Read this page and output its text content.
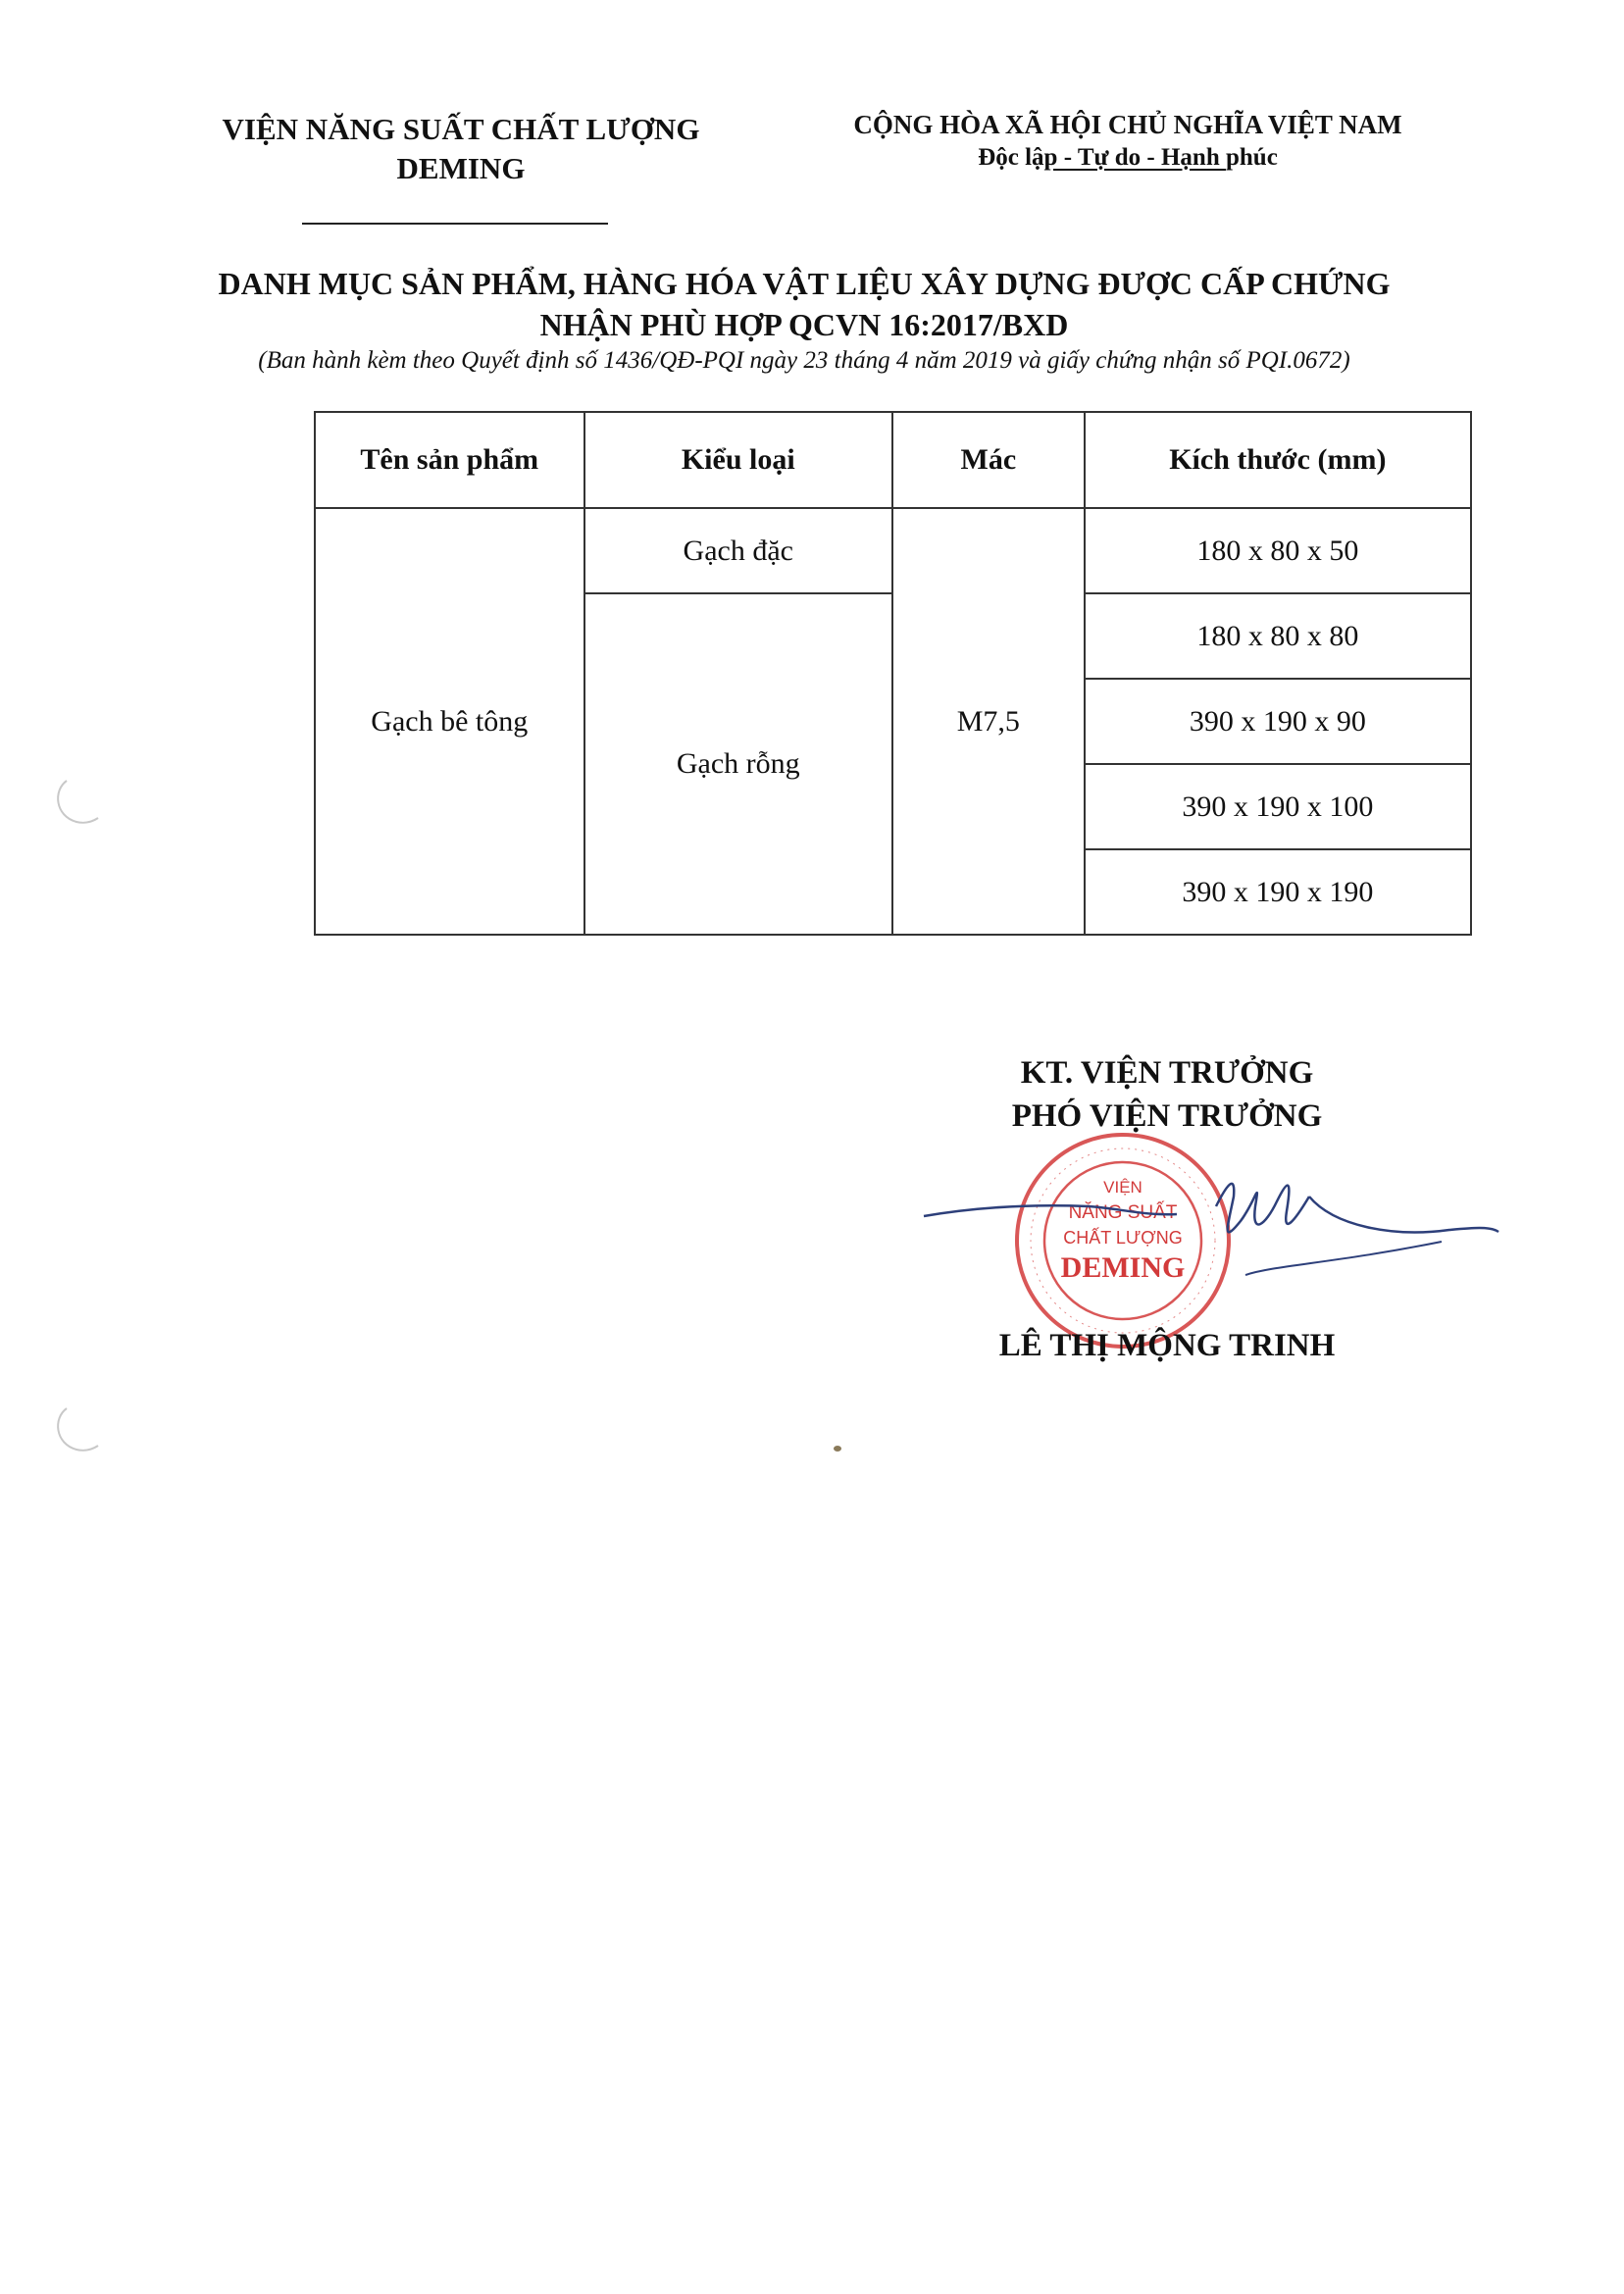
VIỆN NĂNG SUẤT CHẤT LƯỢNG
DEMING
CỘNG HÒA XÃ HỘI CHỦ NGHĨA VIỆT NAM
Độc lập - Tự do - Hạnh phúc
DANH MỤC SẢN PHẨM, HÀNG HÓA VẬT LIỆU XÂY DỰNG ĐƯỢC CẤP CHỨNG
NHẬN PHÙ HỢP QCVN 16:2017/BXD
(Ban hành kèm theo Quyết định số 1436/QĐ-PQI ngày 23 tháng 4 năm 2019 và giấy chứng nhận số PQI.0672)
Tên sản phẩm	Kiểu loại	Mác	Kích thước (mm)
Gạch bê tông	Gạch đặc	M7,5	180 x 80 x 50
	Gạch rỗng		180 x 80 x 80
			390 x 190 x 90
			390 x 190 x 100
			390 x 190 x 190
KT. VIỆN TRƯỞNG
PHÓ VIỆN TRƯỞNG
VIỆN
NĂNG SUẤT
CHẤT LƯỢNG
DEMING
LÊ THỊ MỘNG TRINH
